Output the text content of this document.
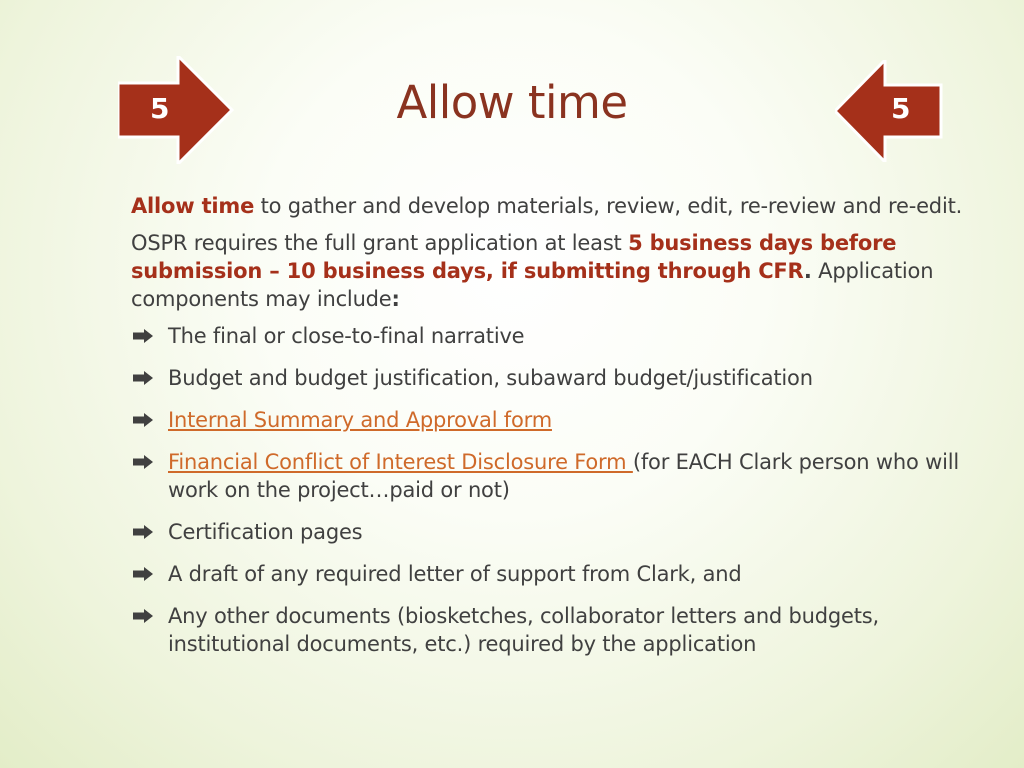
5	Allow time	5

Allow time to gather and develop materials, review, edit, re-review and re-edit.

OSPR requires the full grant application at least 5 business days before submission – 10 business days, if submitting through CFR. Application components may include:

The final or close-to-final narrative
Budget and budget justification, subaward budget/justification
Internal Summary and Approval form
Financial Conflict of Interest Disclosure Form (for EACH Clark person who will work on the project…paid or not)
Certification pages
A draft of any required letter of support from Clark, and
Any other documents (biosketches, collaborator letters and budgets, institutional documents, etc.) required by the application
